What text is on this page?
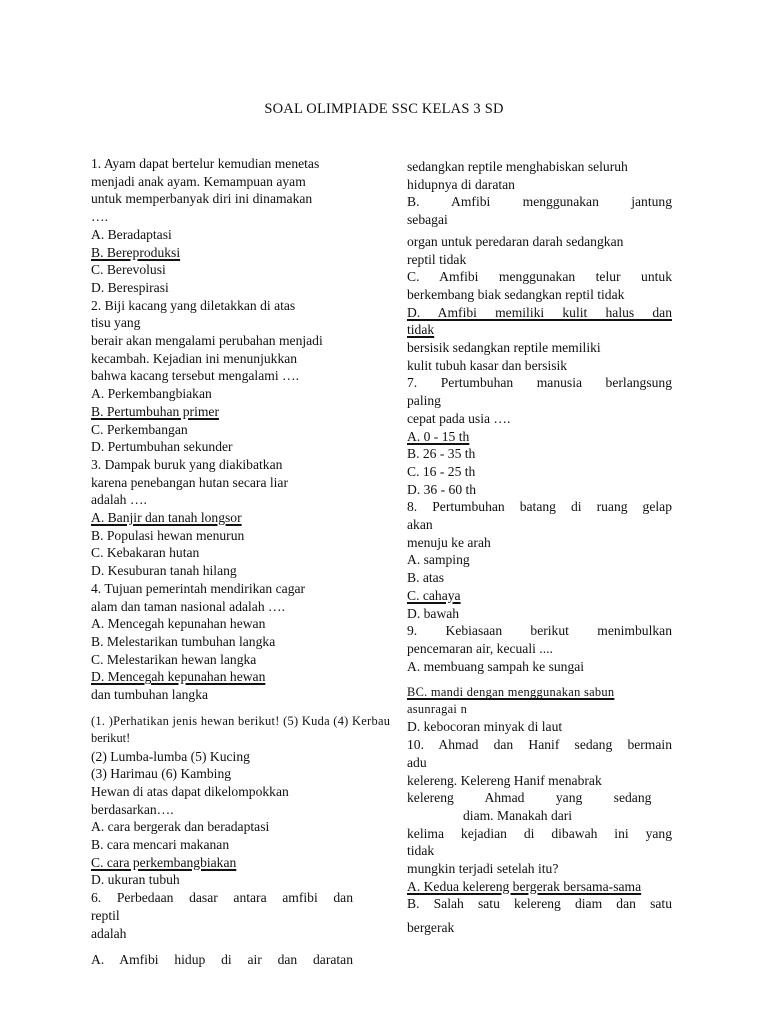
SOAL OLIMPIADE SSC KELAS 3 SD
1. Ayam dapat bertelur kemudian menetas
menjadi anak ayam. Kemampuan ayam
untuk memperbanyak diri ini dinamakan
….
A. Beradaptasi
B. Bereproduksi
C. Berevolusi
D. Berespirasi
2. Biji kacang yang diletakkan di atas
tisu yang
berair akan mengalami perubahan menjadi
kecambah. Kejadian ini menunjukkan
bahwa kacang tersebut mengalami ….
A. Perkembangbiakan
B. Pertumbuhan primer
C. Perkembangan
D. Pertumbuhan sekunder
3. Dampak buruk yang diakibatkan
karena penebangan hutan secara liar
adalah ….
A. Banjir dan tanah longsor
B. Populasi hewan menurun
C. Kebakaran hutan
D. Kesuburan tanah hilang
4. Tujuan pemerintah mendirikan cagar
alam dan taman nasional adalah ….
A. Mencegah kepunahan hewan
B. Melestarikan tumbuhan langka
C. Melestarikan hewan langka
D. Mencegah kepunahan hewan
dan tumbuhan langka
(1. )Perhatikan jenis hewan berikut! (5) Kuda (4) Kerbau
berikut!
(2) Lumba-lumba (5) Kucing
(3) Harimau (6) Kambing
Hewan di atas dapat dikelompokkan
berdasarkan….
A. cara bergerak dan beradaptasi
B. cara mencari makanan
C. cara perkembangbiakan
D. ukuran tubuh
6. Perbedaan dasar antara amfibi dan
reptil
adalah
A. Amfibi hidup di air dan daratan
sedangkan reptile menghabiskan seluruh
hidupnya di daratan
B. Amfibi menggunakan jantung
sebagai
organ untuk peredaran darah sedangkan
reptil tidak
C. Amfibi menggunakan telur untuk
berkembang biak sedangkan reptil tidak
D. Amfibi memiliki kulit halus dan
tidak
bersisik sedangkan reptile memiliki
kulit tubuh kasar dan bersisik
7. Pertumbuhan manusia berlangsung
paling
cepat pada usia ….
A. 0 - 15 th
B. 26 - 35 th
C. 16 - 25 th
D. 36 - 60 th
8. Pertumbuhan batang di ruang gelap
akan
menuju ke arah
A. samping
B. atas
C. cahaya
D. bawah
9. Kebiasaan berikut menimbulkan
pencemaran air, kecuali ....
A. membuang sampah ke sungai
BC. mandi dengan menggunakan sabun
asunragai n
D. kebocoran minyak di laut
10. Ahmad dan Hanif sedang bermain
adu
kelereng. Kelereng Hanif menabrak
kelereng Ahmad yang sedang
diam. Manakah dari
kelima kejadian di dibawah ini yang
tidak
mungkin terjadi setelah itu?
A. Kedua kelereng bergerak bersama-sama
B. Salah satu kelereng diam dan satu
bergerak
